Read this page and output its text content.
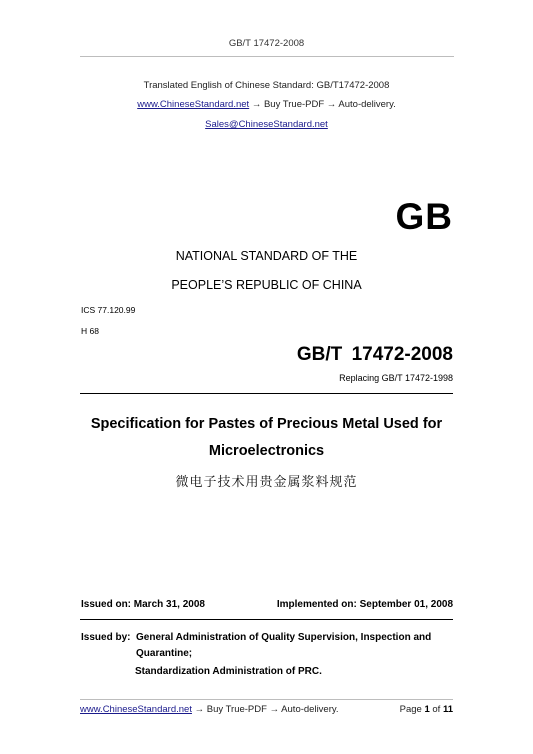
GB/T 17472-2008
Translated English of Chinese Standard: GB/T17472-2008
www.ChineseStandard.net → Buy True-PDF → Auto-delivery.
Sales@ChineseStandard.net
GB
NATIONAL STANDARD OF THE
PEOPLE’S REPUBLIC OF CHINA
ICS 77.120.99
H 68
GB/T 17472-2008
Replacing GB/T 17472-1998
Specification for Pastes of Precious Metal Used for
Microelectronics
微电子技术用贵金属浆料规范
Issued on: March 31, 2008	Implemented on: September 01, 2008
Issued by: General Administration of Quality Supervision, Inspection and Quarantine;
Standardization Administration of PRC.
www.ChineseStandard.net → Buy True-PDF → Auto-delivery.	Page 1 of 11
